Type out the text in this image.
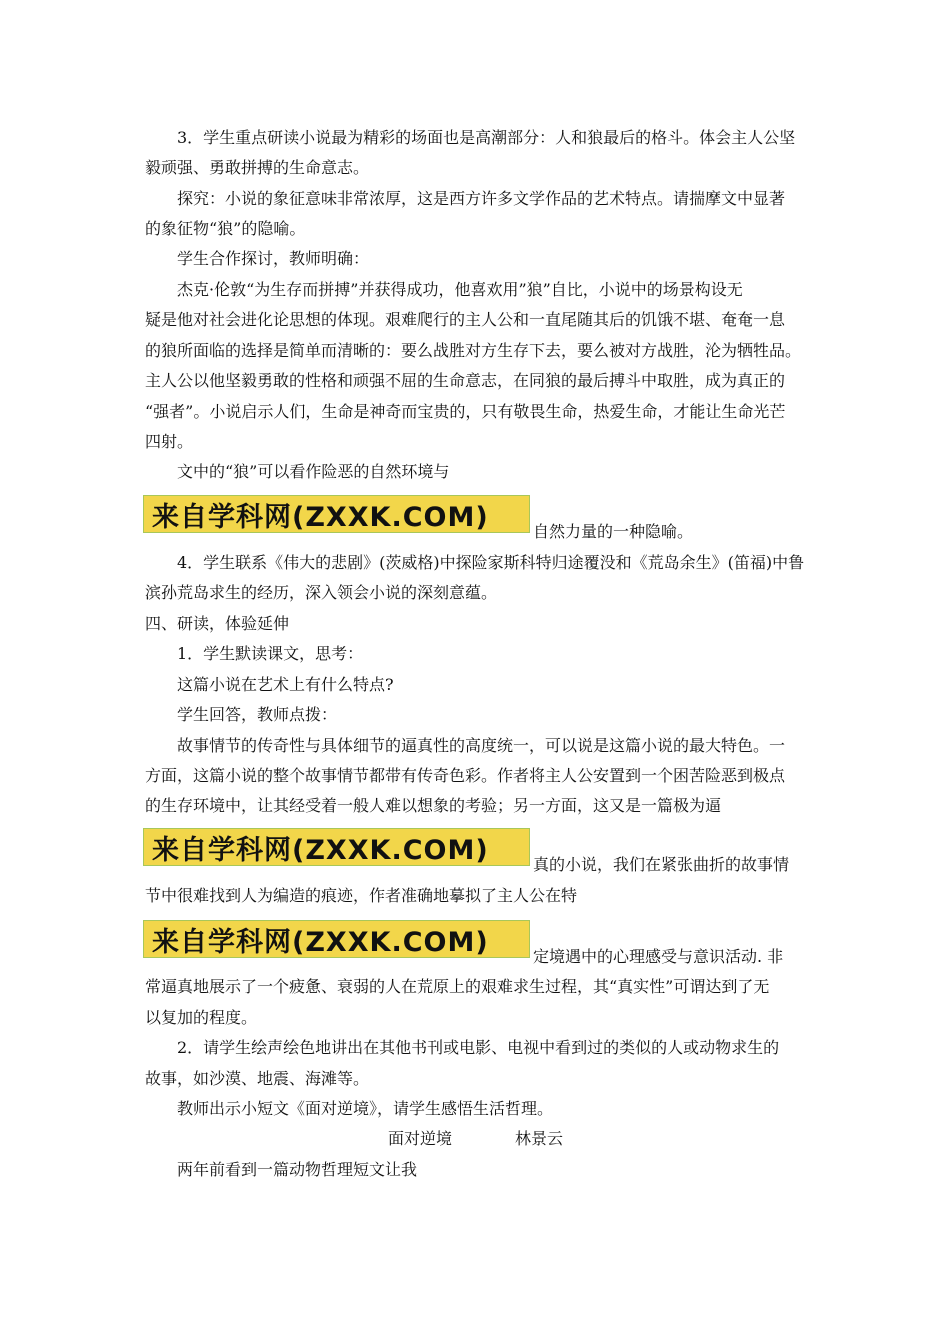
3．学生重点研读小说最为精彩的场面也是高潮部分：人和狼最后的格斗。体会主人公坚
毅顽强、勇敢拼搏的生命意志。
探究：小说的象征意味非常浓厚，这是西方许多文学作品的艺术特点。请揣摩文中显著
的象征物“狼”的隐喻。
学生合作探讨，教师明确：
杰克·伦敦“为生存而拼搏”并获得成功，他喜欢用”狼”自比，小说中的场景构设无
疑是他对社会进化论思想的体现。艰难爬行的主人公和一直尾随其后的饥饿不堪、奄奄一息
的狼所面临的选择是简单而清晰的：要么战胜对方生存下去，要么被对方战胜，沦为牺牲品。
主人公以他坚毅勇敢的性格和顽强不屈的生命意志，在同狼的最后搏斗中取胜，成为真正的
“强者”。小说启示人们，生命是神奇而宝贵的，只有敬畏生命，热爱生命，才能让生命光芒
四射。
文中的“狼”可以看作险恶的自然环境与
来自学科网(ZXXK.COM)	自然力量的一种隐喻。
4．学生联系《伟大的悲剧》(茨威格)中探险家斯科特归途覆没和《荒岛余生》(笛福)中鲁
滨孙荒岛求生的经历，深入领会小说的深刻意蕴。
四、研读，体验延伸
1．学生默读课文，思考：
这篇小说在艺术上有什么特点?
学生回答，教师点拨：
故事情节的传奇性与具体细节的逼真性的高度统一，可以说是这篇小说的最大特色。一
方面，这篇小说的整个故事情节都带有传奇色彩。作者将主人公安置到一个困苦险恶到极点
的生存环境中，让其经受着一般人难以想象的考验；另一方面，这又是一篇极为逼
来自学科网(ZXXK.COM)	真的小说，我们在紧张曲折的故事情
节中很难找到人为编造的痕迹，作者准确地摹拟了主人公在特
来自学科网(ZXXK.COM)	定境遇中的心理感受与意识活动. 非
常逼真地展示了一个疲惫、衰弱的人在荒原上的艰难求生过程，其“真实性”可谓达到了无
以复加的程度。
2．请学生绘声绘色地讲出在其他书刊或电影、电视中看到过的类似的人或动物求生的
故事，如沙漠、地震、海滩等。
教师出示小短文《面对逆境》，请学生感悟生活哲理。
面对逆境	林景云
两年前看到一篇动物哲理短文让我
